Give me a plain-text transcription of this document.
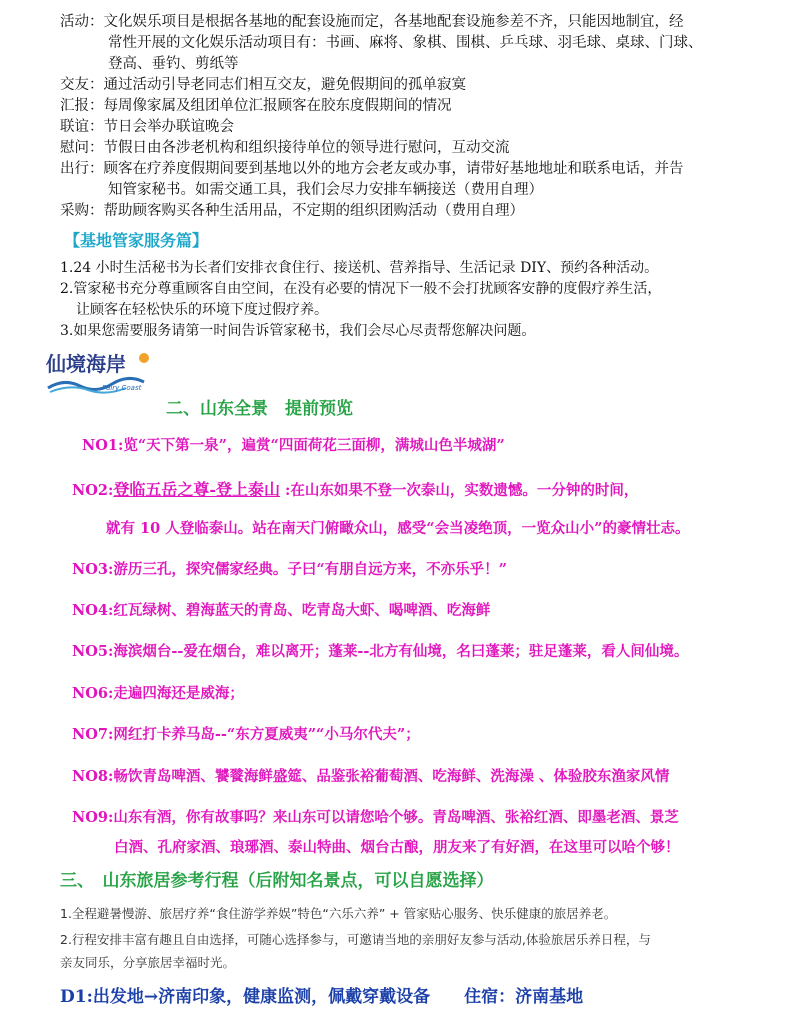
活动：文化娱乐项目是根据各基地的配套设施而定，各基地配套设施参差不齐，只能因地制宜，经
常性开展的文化娱乐活动项目有：书画、麻将、象棋、围棋、乒乓球、羽毛球、桌球、门球、
登高、垂钓、剪纸等
交友：通过活动引导老同志们相互交友，避免假期间的孤单寂寞
汇报：每周像家属及组团单位汇报顾客在胶东度假期间的情况
联谊：节日会举办联谊晚会
慰问：节假日由各涉老机构和组织接待单位的领导进行慰问，互动交流
出行：顾客在疗养度假期间要到基地以外的地方会老友或办事，请带好基地地址和联系电话，并告
知管家秘书。如需交通工具，我们会尽力安排车辆接送（费用自理）
采购：帮助顾客购买各种生活用品，不定期的组织团购活动（费用自理）
【基地管家服务篇】
1.24 小时生活秘书为长者们安排衣食住行、接送机、营养指导、生活记录 DIY、预约各种活动。
2.管家秘书充分尊重顾客自由空间，在没有必要的情况下一般不会打扰顾客安静的度假疗养生活，
让顾客在轻松快乐的环境下度过假疗养。
3.如果您需要服务请第一时间告诉管家秘书，我们会尽心尽责帮您解决问题。
仙境海岸
Fairy Coast
二、山东全景　提前预览
NO1:览“天下第一泉”，遍赏“四面荷花三面柳，满城山色半城湖”
NO2:登临五岳之尊-登上泰山 :在山东如果不登一次泰山，实数遗憾。一分钟的时间，
就有 10 人登临泰山。站在南天门俯瞰众山，感受“会当凌绝顶，一览众山小”的豪情壮志。
NO3:游历三孔，探究儒家经典。子曰“有朋自远方来，不亦乐乎！”
NO4:红瓦绿树、碧海蓝天的青岛、吃青岛大虾、喝啤酒、吃海鲜
NO5:海滨烟台--爱在烟台，难以离开；蓬莱--北方有仙境，名曰蓬莱；驻足蓬莱，看人间仙境。
NO6:走遍四海还是威海；
NO7:网红打卡养马岛--“东方夏威夷”“小马尔代夫”；
NO8:畅饮青岛啤酒、饕餮海鲜盛筵、品鉴张裕葡萄酒、吃海鲜、洗海澡 、体验胶东渔家风情
NO9:山东有酒，你有故事吗？来山东可以请您哈个够。青岛啤酒、张裕红酒、即墨老酒、景芝
白酒、孔府家酒、琅琊酒、泰山特曲、烟台古酿，朋友来了有好酒，在这里可以哈个够！
三、　山东旅居参考行程（后附知名景点，可以自愿选择）
1.全程避暑慢游、旅居疗养“食住游学养娱”特色“六乐六养” + 管家贴心服务、快乐健康的旅居养老。
2.行程安排丰富有趣且自由选择，可随心选择参与，可邀请当地的亲朋好友参与活动,体验旅居乐养日程，与
亲友同乐，分享旅居幸福时光。
D1:出发地→济南印象，健康监测，佩戴穿戴设备　　住宿：济南基地
